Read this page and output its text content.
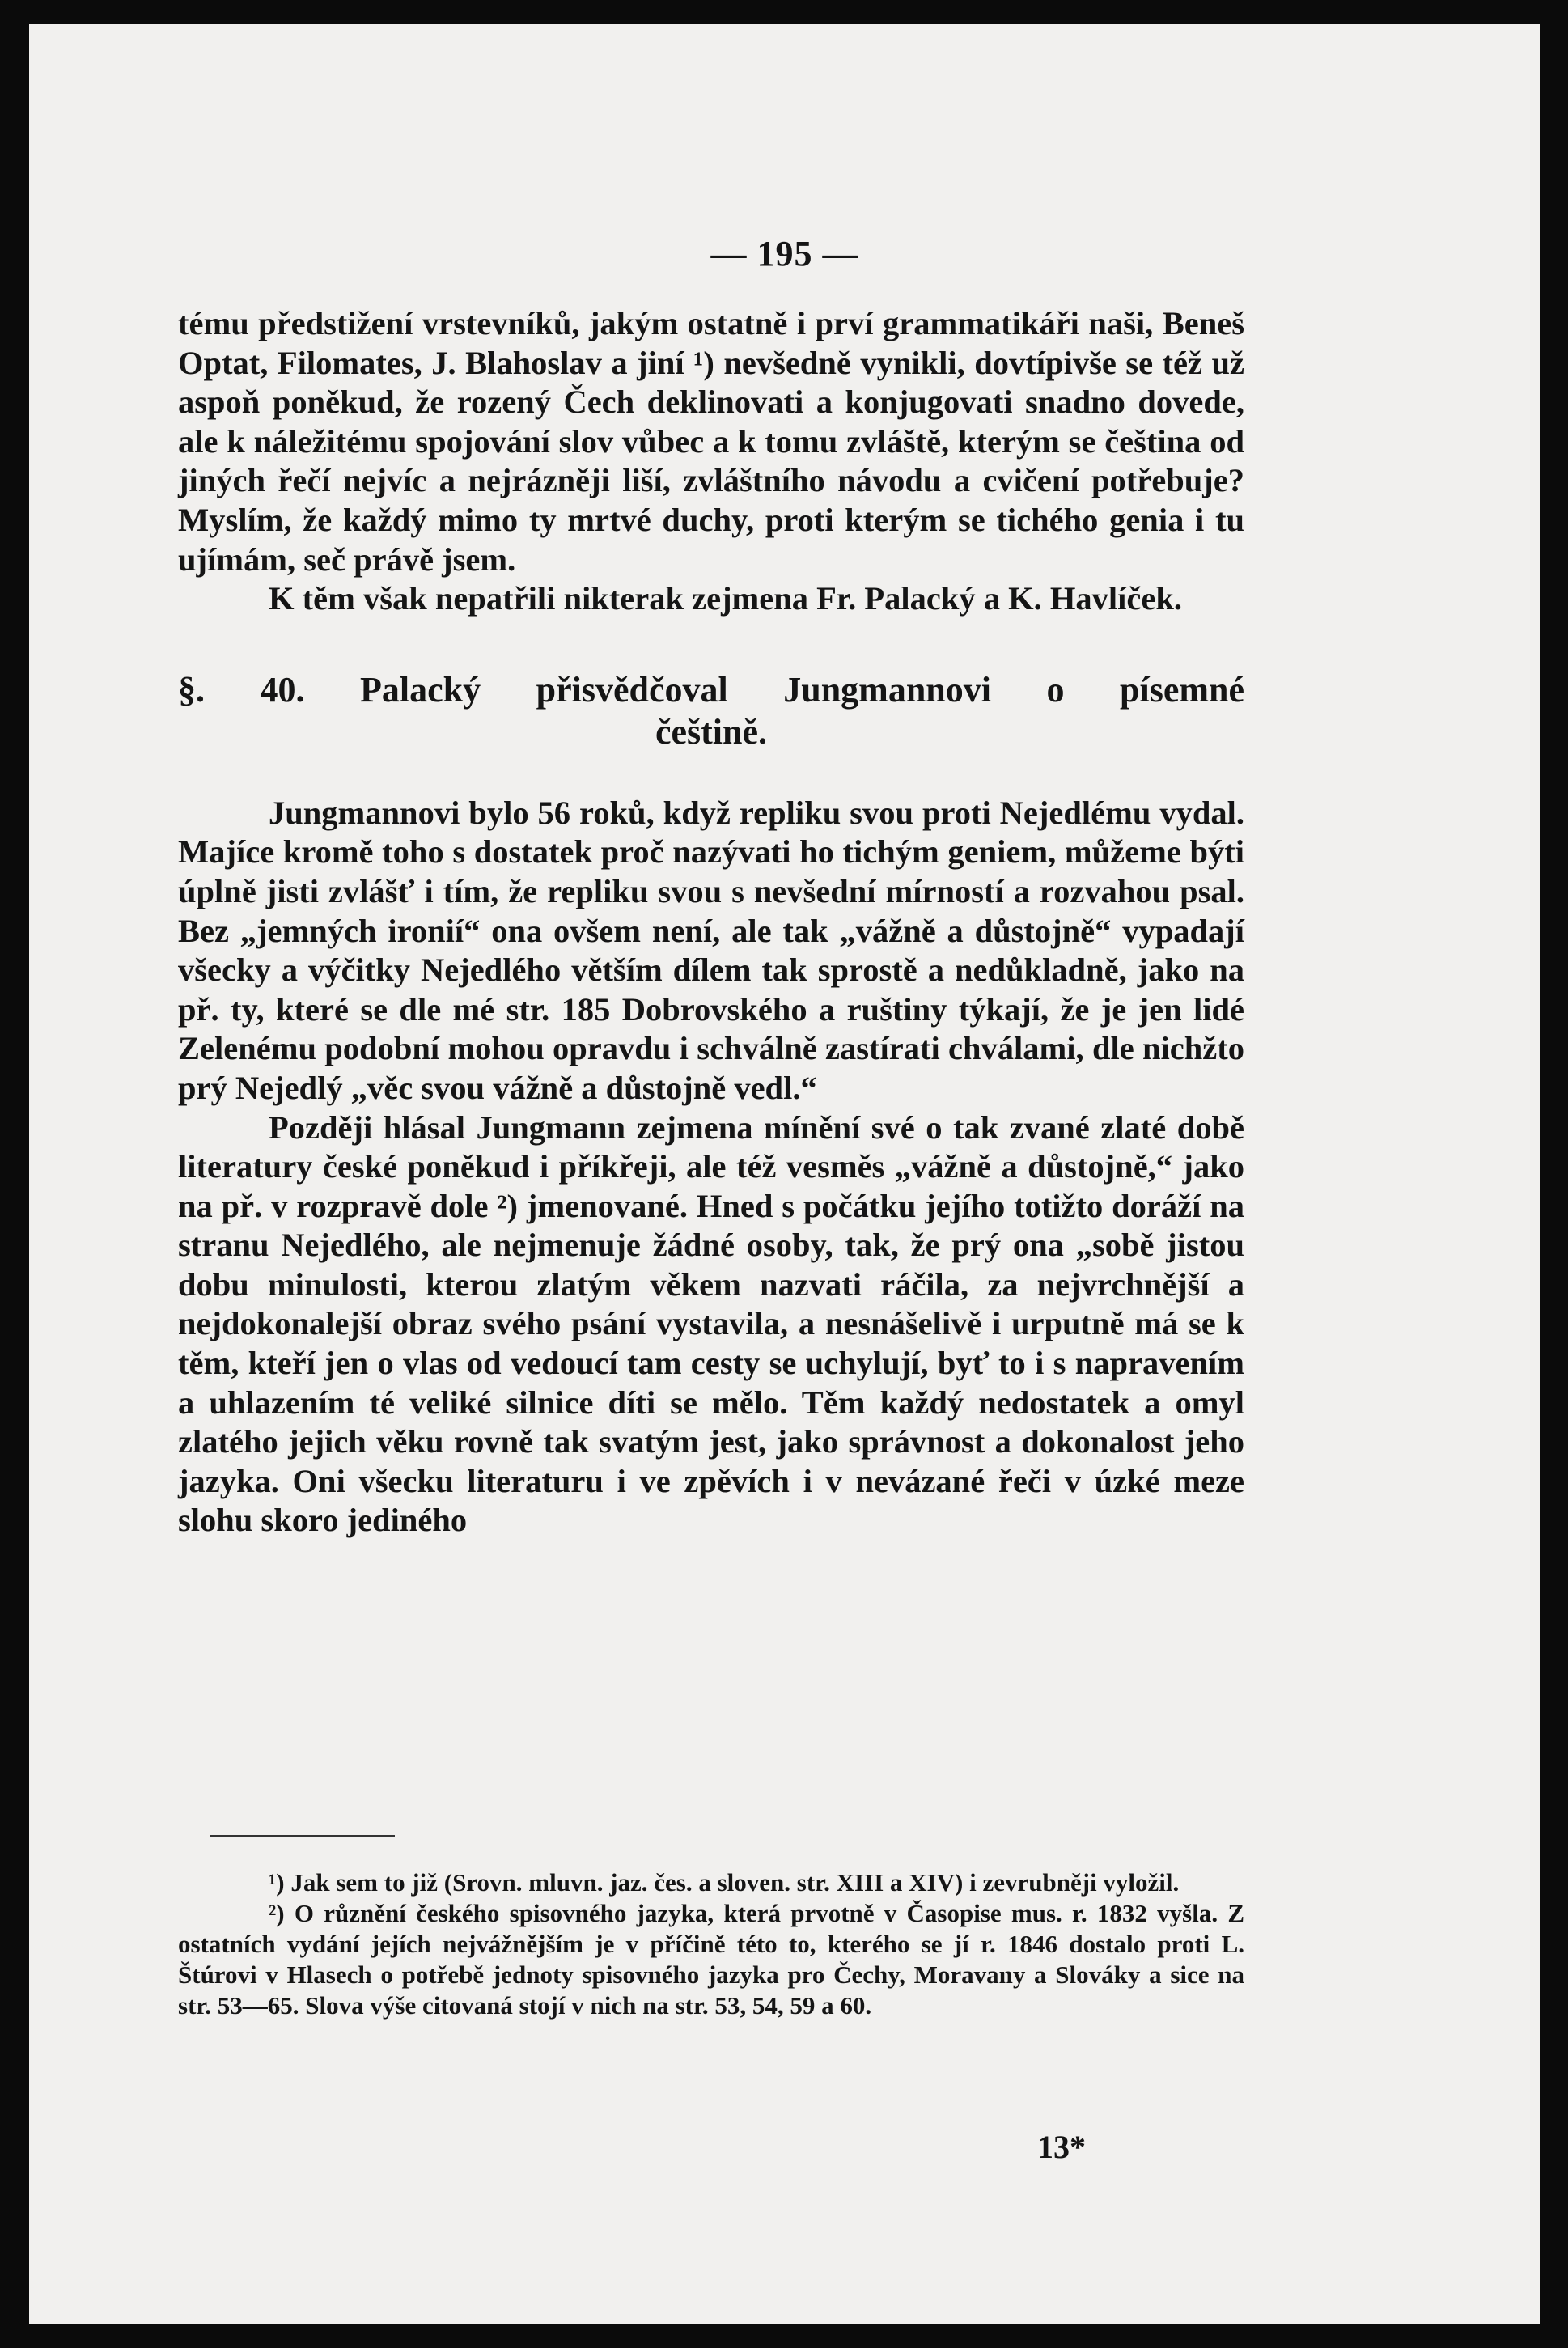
— 195 —

tému předstižení vrstevníků, jakým ostatně i prví grammatikáři naši, Beneš Optat, Filomates, J. Blahoslav a jiní ¹) nevšedně vynikli, dovtípivše se též už aspoň poněkud, že rozený Čech deklinovati a konjugovati snadno dovede, ale k náležitému spojování slov vůbec a k tomu zvláště, kterým se čeština od jiných řečí nejvíc a nejrázněji liší, zvláštního návodu a cvičení potřebuje? Myslím, že každý mimo ty mrtvé duchy, proti kterým se tichého genia i tu ujímám, seč právě jsem.

K těm však nepatřili nikterak zejmena Fr. Palacký a K. Havlíček.

§. 40. Palacký přisvědčoval Jungmannovi o písemné
češtině.

Jungmannovi bylo 56 roků, když repliku svou proti Nejedlému vydal. Majíce kromě toho s dostatek proč nazývati ho tichým geniem, můžeme býti úplně jisti zvlášť i tím, že repliku svou s nevšední mírností a rozvahou psal. Bez „jemných ironií“ ona ovšem není, ale tak „vážně a důstojně“ vypadají všecky a výčitky Nejedlého větším dílem tak sprostě a nedůkladně, jako na př. ty, které se dle mé str. 185 Dobrovského a ruštiny týkají, že je jen lidé Zelenému podobní mohou opravdu i schválně zastírati chválami, dle nichžto prý Nejedlý „věc svou vážně a důstojně vedl.“

Později hlásal Jungmann zejmena mínění své o tak zvané zlaté době literatury české poněkud i příkřeji, ale též vesměs „vážně a důstojně,“ jako na př. v rozpravě dole ²) jmenované. Hned s počátku jejího totižto doráží na stranu Nejedlého, ale nejmenuje žádné osoby, tak, že prý ona „sobě jistou dobu minulosti, kterou zlatým věkem nazvati ráčila, za nejvrchnější a nejdokonalejší obraz svého psání vystavila, a nesnášelivě i urputně má se k těm, kteří jen o vlas od vedoucí tam cesty se uchylují, byť to i s napravením a uhlazením té veliké silnice díti se mělo. Těm každý nedostatek a omyl zlatého jejich věku rovně tak svatým jest, jako správnost a dokonalost jeho jazyka. Oni všecku literaturu i ve zpěvích i v nevázané řeči v úzké meze slohu skoro jediného

¹) Jak sem to již (Srovn. mluvn. jaz. čes. a sloven. str. XIII a XIV) i zevrubněji vyložil.

²) O různění českého spisovného jazyka, která prvotně v Časopise mus. r. 1832 vyšla. Z ostatních vydání jejích nejvážnějším je v příčině této to, kterého se jí r. 1846 dostalo proti L. Štúrovi v Hlasech o potřebě jednoty spisovného jazyka pro Čechy, Moravany a Slováky a sice na str. 53—65. Slova výše citovaná stojí v nich na str. 53, 54, 59 a 60.

13*
